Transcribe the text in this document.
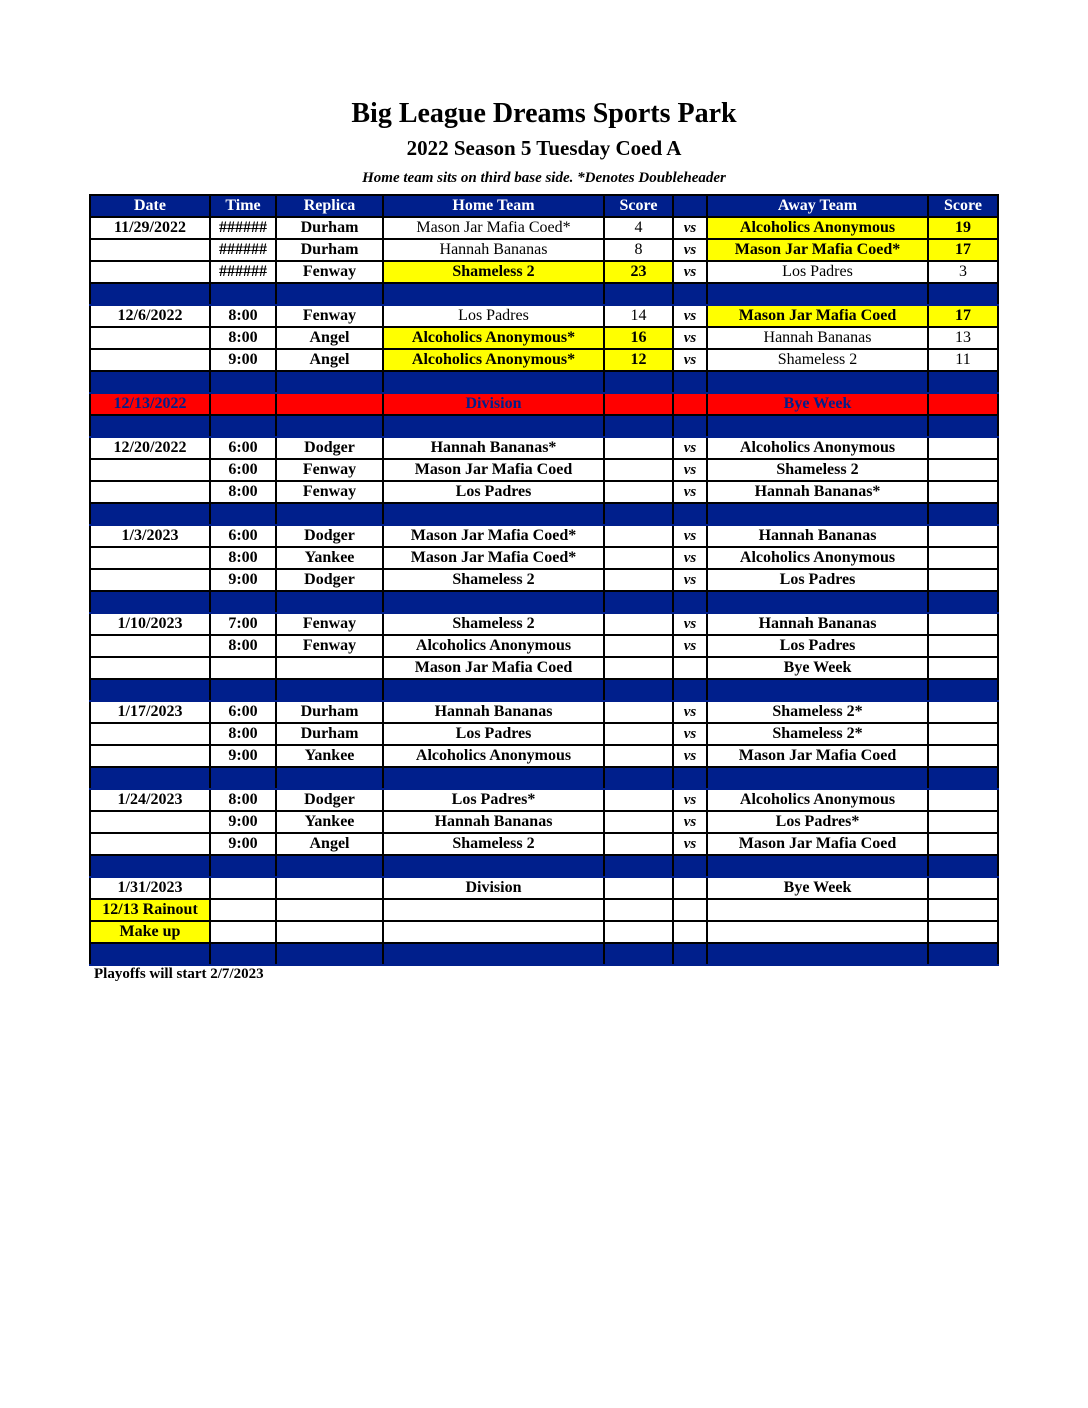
Big League Dreams Sports Park
2022 Season 5 Tuesday Coed A
Home team sits on third base side. *Denotes Doubleheader
Date	Time	Replica	Home Team	Score		Away Team	Score
11/29/2022	######	Durham	Mason Jar Mafia Coed*	4	vs	Alcoholics Anonymous	19
	######	Durham	Hannah Bananas	8	vs	Mason Jar Mafia Coed*	17
	######	Fenway	Shameless 2	23	vs	Los Padres	3

12/6/2022	8:00	Fenway	Los Padres	14	vs	Mason Jar Mafia Coed	17
	8:00	Angel	Alcoholics Anonymous*	16	vs	Hannah Bananas	13
	9:00	Angel	Alcoholics Anonymous*	12	vs	Shameless 2	11

12/13/2022			Division			Bye Week	

12/20/2022	6:00	Dodger	Hannah Bananas*		vs	Alcoholics Anonymous	
	6:00	Fenway	Mason Jar Mafia Coed		vs	Shameless 2	
	8:00	Fenway	Los Padres		vs	Hannah Bananas*	

1/3/2023	6:00	Dodger	Mason Jar Mafia Coed*		vs	Hannah Bananas	
	8:00	Yankee	Mason Jar Mafia Coed*		vs	Alcoholics Anonymous	
	9:00	Dodger	Shameless 2		vs	Los Padres	

1/10/2023	7:00	Fenway	Shameless 2		vs	Hannah Bananas	
	8:00	Fenway	Alcoholics Anonymous		vs	Los Padres	
			Mason Jar Mafia Coed			Bye Week	

1/17/2023	6:00	Durham	Hannah Bananas		vs	Shameless 2*	
	8:00	Durham	Los Padres		vs	Shameless 2*	
	9:00	Yankee	Alcoholics Anonymous		vs	Mason Jar Mafia Coed	

1/24/2023	8:00	Dodger	Los Padres*		vs	Alcoholics Anonymous	
	9:00	Yankee	Hannah Bananas		vs	Los Padres*	
	9:00	Angel	Shameless 2		vs	Mason Jar Mafia Coed	

1/31/2023			Division			Bye Week	
12/13 Rainout							
Make up							

Playoffs will start 2/7/2023
